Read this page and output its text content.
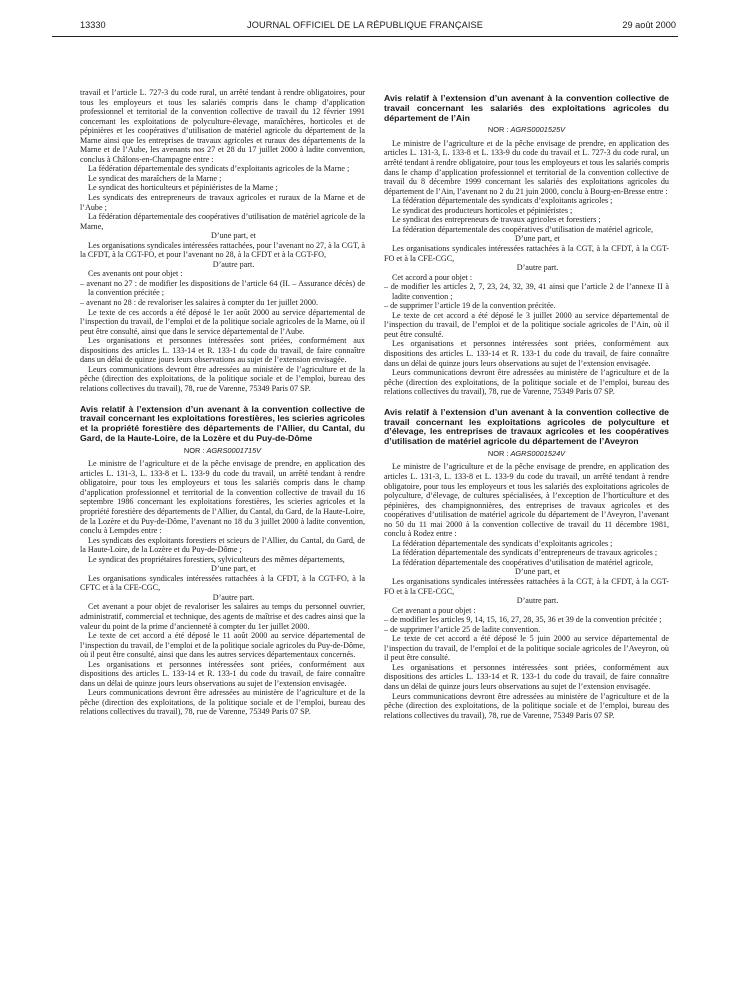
13330	JOURNAL OFFICIEL DE LA RÉPUBLIQUE FRANÇAISE	29 août 2000

travail et l’article L. 727-3 du code rural, un arrêté tendant à rendre obligatoires, pour tous les employeurs et tous les salariés compris dans le champ d’application professionnel et territorial de la convention collective de travail du 12 février 1991 concernant les exploitations de polyculture-élevage, maraîchères, horticoles et de pépinières et les coopératives d’utilisation de matériel agricole du département de la Marne ainsi que les entreprises de travaux agricoles et ruraux des départements de la Marne et de l’Aube, les avenants nos 27 et 28 du 17 juillet 2000 à ladite convention, conclus à Châlons-en-Champagne entre :

La fédération départementale des syndicats d’exploitants agricoles de la Marne ;

Le syndicat des maraîchers de la Marne ;

Le syndicat des horticulteurs et pépiniéristes de la Marne ;

Les syndicats des entrepreneurs de travaux agricoles et ruraux de la Marne et de l’Aube ;

La fédération départementale des coopératives d’utilisation de matériel agricole de la Marne,

D’une part, et

Les organisations syndicales intéressées rattachées, pour l’avenant no 27, à la CGT, à la CFDT, à la CGT-FO, et pour l’avenant no 28, à la CFDT et à la CGT-FO,

D’autre part.

Ces avenants ont pour objet :

– avenant no 27 : de modifier les dispositions de l’article 64 (II. – Assurance décès) de la convention précitée ;

– avenant no 28 : de revaloriser les salaires à compter du 1er juillet 2000.

Le texte de ces accords a été déposé le 1er août 2000 au service départemental de l’inspection du travail, de l’emploi et de la politique sociale agricoles de la Marne, où il peut être consulté, ainsi que dans le service départemental de l’Aube.

Les organisations et personnes intéressées sont priées, conformément aux dispositions des articles L. 133-14 et R. 133-1 du code du travail, de faire connaître dans un délai de quinze jours leurs observations au sujet de l’extension envisagée.

Leurs communications devront être adressées au ministère de l’agriculture et de la pêche (direction des exploitations, de la politique sociale et de l’emploi, bureau des relations collectives du travail), 78, rue de Varenne, 75349 Paris 07 SP.

Avis relatif à l’extension d’un avenant à la convention collective de travail concernant les exploitations forestières, les scieries agricoles et la propriété forestière des départements de l’Allier, du Cantal, du Gard, de la Haute-Loire, de la Lozère et du Puy-de-Dôme
NOR : AGRS0001715V

Le ministre de l’agriculture et de la pêche envisage de prendre, en application des articles L. 131-3, L. 133-8 et L. 133-9 du code du travail, un arrêté tendant à rendre obligatoire, pour tous les employeurs et tous les salariés compris dans le champ d’application professionnel et territorial de la convention collective de travail du 16 septembre 1986 concernant les exploitations forestières, les scieries agricoles et la propriété forestière des départements de l’Allier, du Cantal, du Gard, de la Haute-Loire, de la Lozère et du Puy-de-Dôme, l’avenant no 18 du 3 juillet 2000 à ladite convention, conclu à Lempdes entre :

Les syndicats des exploitants forestiers et scieurs de l’Allier, du Cantal, du Gard, de la Haute-Loire, de la Lozère et du Puy-de-Dôme ;

Le syndicat des propriétaires forestiers, sylviculteurs des mêmes départements,

D’une part, et

Les organisations syndicales intéressées rattachées à la CFDT, à la CGT-FO, à la CFTC et à la CFE-CGC,

D’autre part.

Cet avenant a pour objet de revaloriser les salaires au temps du personnel ouvrier, administratif, commercial et technique, des agents de maîtrise et des cadres ainsi que la valeur du point de la prime d’ancienneté à compter du 1er juillet 2000.

Le texte de cet accord a été déposé le 11 août 2000 au service départemental de l’inspection du travail, de l’emploi et de la politique sociale agricoles du Puy-de-Dôme, où il peut être consulté, ainsi que dans les autres services départementaux concernés.

Les organisations et personnes intéressées sont priées, conformément aux dispositions des articles L. 133-14 et R. 133-1 du code du travail, de faire connaître dans un délai de quinze jours leurs observations au sujet de l’extension envisagée.

Leurs communications devront être adressées au ministère de l’agriculture et de la pêche (direction des exploitations, de la politique sociale et de l’emploi, bureau des relations collectives du travail), 78, rue de Varenne, 75349 Paris 07 SP.

Avis relatif à l’extension d’un avenant à la convention collective de travail concernant les salariés des exploitations agricoles du département de l’Ain
NOR : AGRS0001525V

Le ministre de l’agriculture et de la pêche envisage de prendre, en application des articles L. 131-3, L. 133-8 et L. 133-9 du code du travail et L. 727-3 du code rural, un arrêté tendant à rendre obligatoire, pour tous les employeurs et tous les salariés compris dans le champ d’application professionnel et territorial de la convention collective de travail du 8 décembre 1999 concernant les salariés des exploitations agricoles du département de l’Ain, l’avenant no 2 du 21 juin 2000, conclu à Bourg-en-Bresse entre :

La fédération départementale des syndicats d’exploitants agricoles ;

Le syndicat des producteurs horticoles et pépiniéristes ;

Le syndicat des entrepreneurs de travaux agricoles et forestiers ;

La fédération départementale des coopératives d’utilisation de matériel agricole,

D’une part, et

Les organisations syndicales intéressées rattachées à la CGT, à la CFDT, à la CGT-FO et à la CFE-CGC,

D’autre part.

Cet accord a pour objet :

– de modifier les articles 2, 7, 23, 24, 32, 39, 41 ainsi que l’article 2 de l’annexe II à ladite convention ;

– de supprimer l’article 19 de la convention précitée.

Le texte de cet accord a été déposé le 3 juillet 2000 au service départemental de l’inspection du travail, de l’emploi et de la politique sociale agricoles de l’Ain, où il peut être consulté.

Les organisations et personnes intéressées sont priées, conformément aux dispositions des articles L. 133-14 et R. 133-1 du code du travail, de faire connaître dans un délai de quinze jours leurs observations au sujet de l’extension envisagée.

Leurs communications devront être adressées au ministère de l’agriculture et de la pêche (direction des exploitations, de la politique sociale et de l’emploi, bureau des relations collectives du travail), 78, rue de Varenne, 75349 Paris 07 SP.

Avis relatif à l’extension d’un avenant à la convention collective de travail concernant les exploitations agricoles de polyculture et d’élevage, les entreprises de travaux agricoles et les coopératives d’utilisation de matériel agricole du département de l’Aveyron
NOR : AGRS0001524V

Le ministre de l’agriculture et de la pêche envisage de prendre, en application des articles L. 131-3, L. 133-8 et L. 133-9 du code du travail, un arrêté tendant à rendre obligatoire, pour tous les employeurs et tous les salariés des exploitations agricoles de polyculture, d’élevage, de cultures spécialisées, à l’exception de l’horticulture et des pépinières, des champignonnières, des entreprises de travaux agricoles et des coopératives d’utilisation de matériel agricole du département de l’Aveyron, l’avenant no 50 du 11 mai 2000 à la convention collective de travail du 11 décembre 1981, conclu à Rodez entre :

La fédération départementale des syndicats d’exploitants agricoles ;

La fédération départementale des syndicats d’entrepreneurs de travaux agricoles ;

La fédération départementale des coopératives d’utilisation de matériel agricole,

D’une part, et

Les organisations syndicales intéressées rattachées à la CGT, à la CFDT, à la CGT-FO et à la CFE-CGC,

D’autre part.

Cet avenant a pour objet :

– de modifier les articles 9, 14, 15, 16, 27, 28, 35, 36 et 39 de la convention précitée ;

– de supprimer l’article 25 de ladite convention.

Le texte de cet accord a été déposé le 5 juin 2000 au service départemental de l’inspection du travail, de l’emploi et de la politique sociale agricoles de l’Aveyron, où il peut être consulté.

Les organisations et personnes intéressées sont priées, conformément aux dispositions des articles L. 133-14 et R. 133-1 du code du travail, de faire connaître dans un délai de quinze jours leurs observations au sujet de l’extension envisagée.

Leurs communications devront être adressées au ministère de l’agriculture et de la pêche (direction des exploitations, de la politique sociale et de l’emploi, bureau des relations collectives du travail), 78, rue de Varenne, 75349 Paris 07 SP.
